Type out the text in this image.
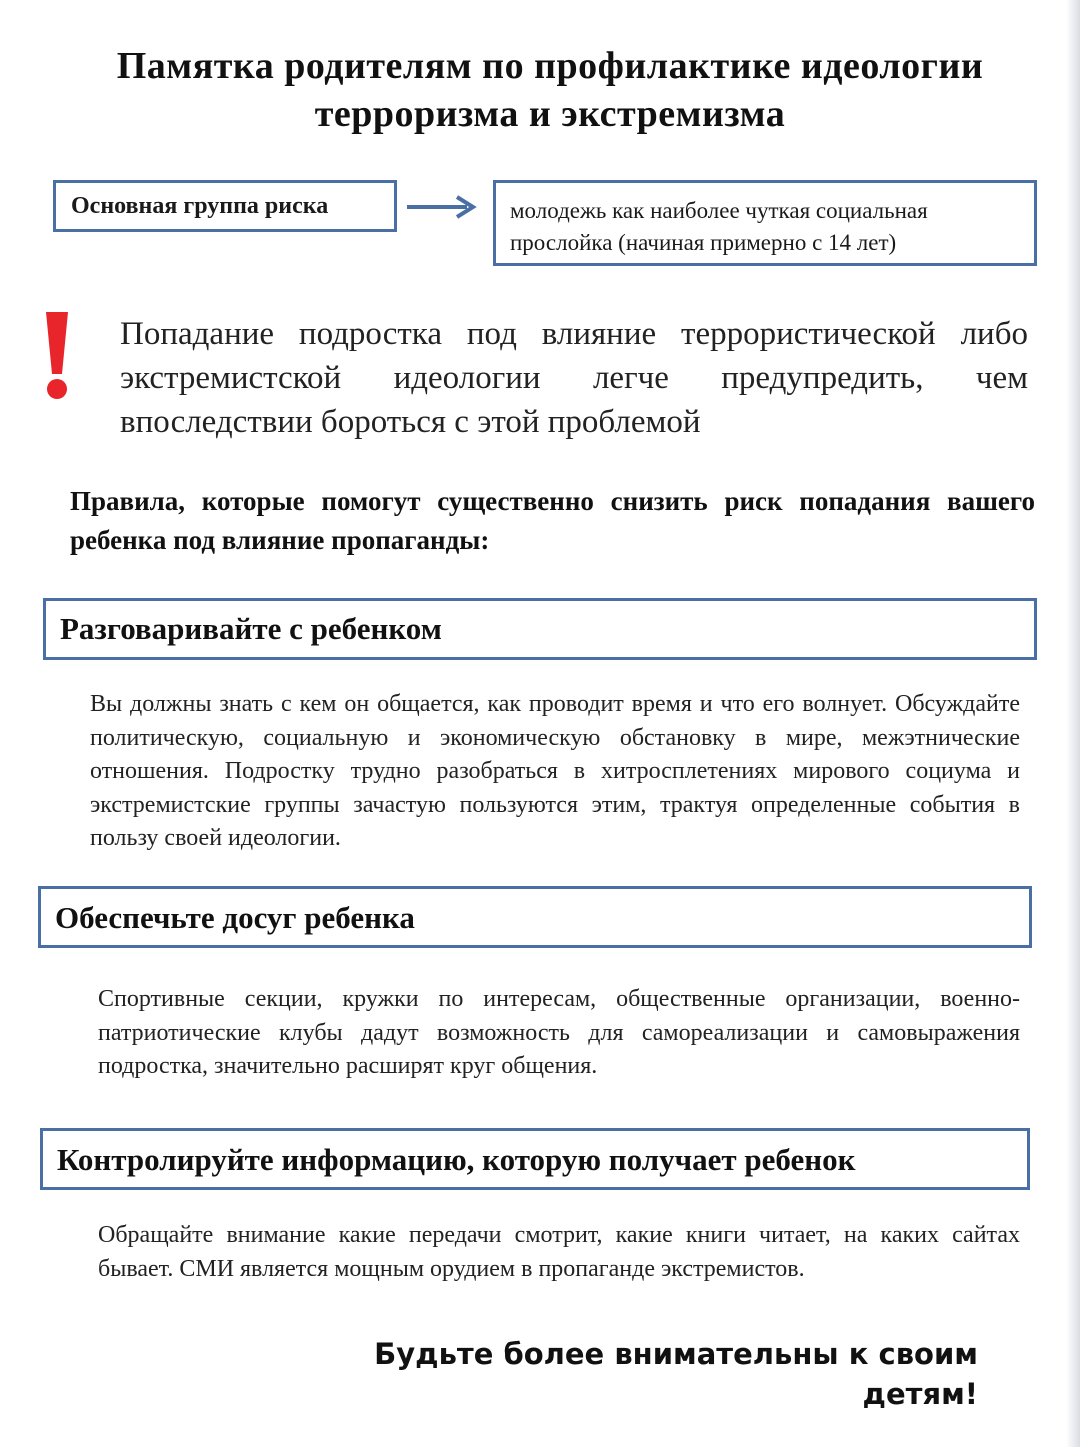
Памятка родителям по профилактике идеологии терроризма и экстремизма
Основная группа риска	молодежь как наиболее чуткая социальная прослойка (начиная примерно с 14 лет)
Попадание подростка под влияние террористической либо экстремистской идеологии легче предупредить, чем впоследствии бороться с этой проблемой
Правила, которые помогут существенно снизить риск попадания вашего ребенка под влияние пропаганды:
Разговаривайте с ребенком
Вы должны знать с кем он общается, как проводит время и что его волнует. Обсуждайте политическую, социальную и экономическую обстановку в мире, межэтнические отношения. Подростку трудно разобраться в хитросплетениях мирового социума и экстремистские группы зачастую пользуются этим, трактуя определенные события в пользу своей идеологии.
Обеспечьте досуг ребенка
Спортивные секции, кружки по интересам, общественные организации, военно-патриотические клубы дадут возможность для самореализации и самовыражения подростка, значительно расширят круг общения.
Контролируйте информацию, которую получает ребенок
Обращайте внимание какие передачи смотрит, какие книги читает, на каких сайтах бывает. СМИ является мощным орудием в пропаганде экстремистов.
Будьте более внимательны к своим детям!
